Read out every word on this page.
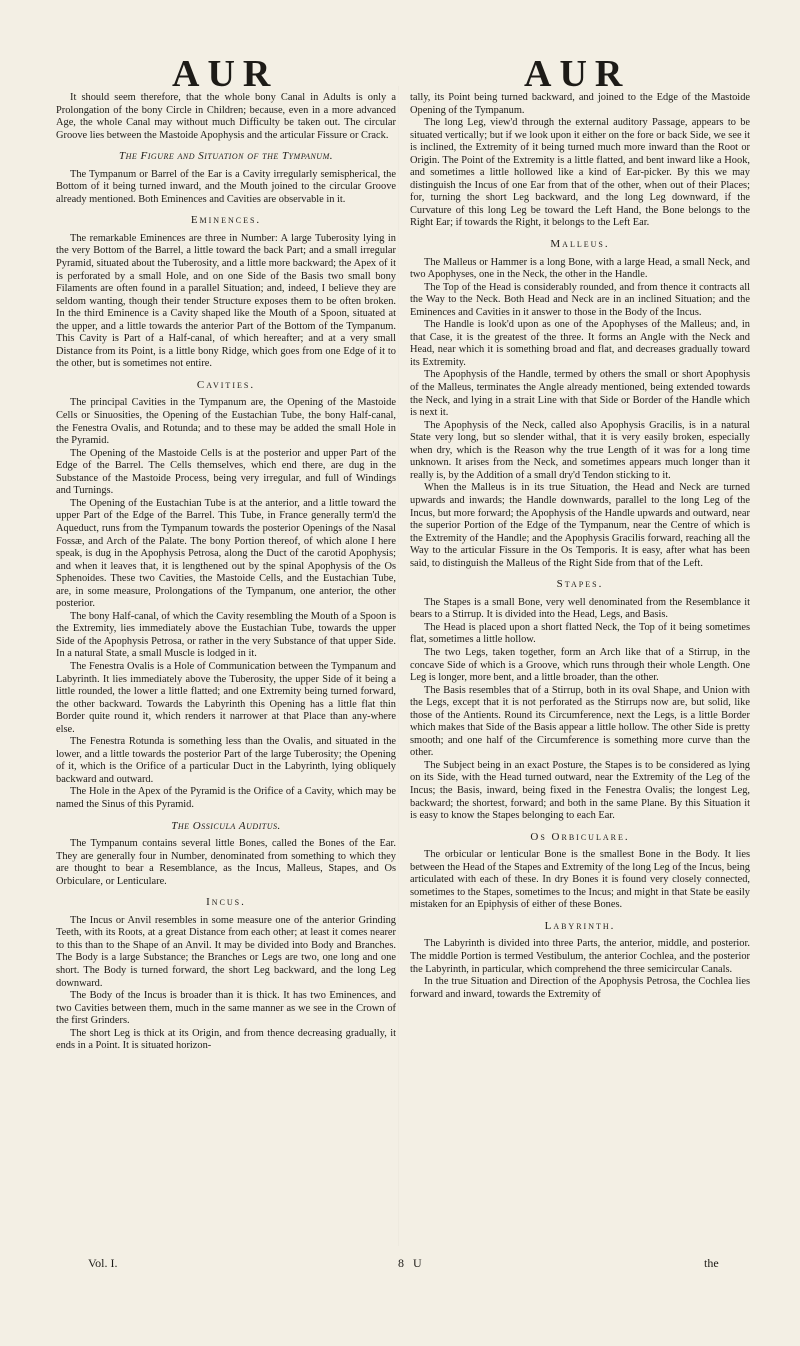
AUR	AUR

It should seem therefore, that the whole bony Canal in Adults is only a Prolongation of the bony Circle in Children; because, even in a more advanced Age, the whole Canal may without much Difficulty be taken out. The circular Groove lies between the Mastoide Apophysis and the articular Fissure or Crack.

The Figure and Situation of the Tympanum.

The Tympanum or Barrel of the Ear is a Cavity irregularly semispherical, the Bottom of it being turned inward, and the Mouth joined to the circular Groove already mentioned. Both Eminences and Cavities are observable in it.

Eminences.

The remarkable Eminences are three in Number: A large Tuberosity lying in the very Bottom of the Barrel, a little toward the back Part; and a small irregular Pyramid, situated about the Tuberosity, and a little more backward; the Apex of it is perforated by a small Hole, and on one Side of the Basis two small bony Filaments are often found in a parallel Situation; and, indeed, I believe they are seldom wanting, though their tender Structure exposes them to be often broken. In the third Eminence is a Cavity shaped like the Mouth of a Spoon, situated at the upper, and a little towards the anterior Part of the Bottom of the Tympanum. This Cavity is Part of a Half-canal, of which hereafter; and at a very small Distance from its Point, is a little bony Ridge, which goes from one Edge of it to the other, but is sometimes not entire.

Cavities.

The principal Cavities in the Tympanum are, the Opening of the Mastoide Cells or Sinuosities, the Opening of the Eustachian Tube, the bony Half-canal, the Fenestra Ovalis, and Rotunda; and to these may be added the small Hole in the Pyramid.

The Opening of the Mastoide Cells is at the posterior and upper Part of the Edge of the Barrel. The Cells themselves, which end there, are dug in the Substance of the Mastoide Process, being very irregular, and full of Windings and Turnings.

The Opening of the Eustachian Tube is at the anterior, and a little toward the upper Part of the Edge of the Barrel. This Tube, in France generally term'd the Aqueduct, runs from the Tympanum towards the posterior Openings of the Nasal Fossæ, and Arch of the Palate. The bony Portion thereof, of which alone I here speak, is dug in the Apophysis Petrosa, along the Duct of the carotid Apophysis; and when it leaves that, it is lengthened out by the spinal Apophysis of the Os Sphenoides. These two Cavities, the Mastoide Cells, and the Eustachian Tube, are, in some measure, Prolongations of the Tympanum, one anterior, the other posterior.

The bony Half-canal, of which the Cavity resembling the Mouth of a Spoon is the Extremity, lies immediately above the Eustachian Tube, towards the upper Side of the Apophysis Petrosa, or rather in the very Substance of that upper Side. In a natural State, a small Muscle is lodged in it.

The Fenestra Ovalis is a Hole of Communication between the Tympanum and Labyrinth. It lies immediately above the Tuberosity, the upper Side of it being a little rounded, the lower a little flatted; and one Extremity being turned forward, the other backward. Towards the Labyrinth this Opening has a little flat thin Border quite round it, which renders it narrower at that Place than any-where else.

The Fenestra Rotunda is something less than the Ovalis, and situated in the lower, and a little towards the posterior Part of the large Tuberosity; the Opening of it, which is the Orifice of a particular Duct in the Labyrinth, lying obliquely backward and outward.

The Hole in the Apex of the Pyramid is the Orifice of a Cavity, which may be named the Sinus of this Pyramid.

The Ossicula Auditus.

The Tympanum contains several little Bones, called the Bones of the Ear. They are generally four in Number, denominated from something to which they are thought to bear a Resemblance, as the Incus, Malleus, Stapes, and Os Orbiculare, or Lenticulare.

Incus.

The Incus or Anvil resembles in some measure one of the anterior Grinding Teeth, with its Roots, at a great Distance from each other; at least it comes nearer to this than to the Shape of an Anvil. It may be divided into Body and Branches. The Body is a large Substance; the Branches or Legs are two, one long and one short. The Body is turned forward, the short Leg backward, and the long Leg downward.

The Body of the Incus is broader than it is thick. It has two Eminences, and two Cavities between them, much in the same manner as we see in the Crown of the first Grinders.

The short Leg is thick at its Origin, and from thence decreasing gradually, it ends in a Point. It is situated horizon-

tally, its Point being turned backward, and joined to the Edge of the Mastoide Opening of the Tympanum.

The long Leg, view'd through the external auditory Passage, appears to be situated vertically; but if we look upon it either on the fore or back Side, we see it is inclined, the Extremity of it being turned much more inward than the Root or Origin. The Point of the Extremity is a little flatted, and bent inward like a Hook, and sometimes a little hollowed like a kind of Ear-picker. By this we may distinguish the Incus of one Ear from that of the other, when out of their Places; for, turning the short Leg backward, and the long Leg downward, if the Curvature of this long Leg be toward the Left Hand, the Bone belongs to the Right Ear; if towards the Right, it belongs to the Left Ear.

Malleus.

The Malleus or Hammer is a long Bone, with a large Head, a small Neck, and two Apophyses, one in the Neck, the other in the Handle.

The Top of the Head is considerably rounded, and from thence it contracts all the Way to the Neck. Both Head and Neck are in an inclined Situation; and the Eminences and Cavities in it answer to those in the Body of the Incus.

The Handle is look'd upon as one of the Apophyses of the Malleus; and, in that Case, it is the greatest of the three. It forms an Angle with the Neck and Head, near which it is something broad and flat, and decreases gradually toward its Extremity.

The Apophysis of the Handle, termed by others the small or short Apophysis of the Malleus, terminates the Angle already mentioned, being extended towards the Neck, and lying in a strait Line with that Side or Border of the Handle which is next it.

The Apophysis of the Neck, called also Apophysis Gracilis, is in a natural State very long, but so slender withal, that it is very easily broken, especially when dry, which is the Reason why the true Length of it was for a long time unknown. It arises from the Neck, and sometimes appears much longer than it really is, by the Addition of a small dry'd Tendon sticking to it.

When the Malleus is in its true Situation, the Head and Neck are turned upwards and inwards; the Handle downwards, parallel to the long Leg of the Incus, but more forward; the Apophysis of the Handle upwards and outward, near the superior Portion of the Edge of the Tympanum, near the Centre of which is the Extremity of the Handle; and the Apophysis Gracilis forward, reaching all the Way to the articular Fissure in the Os Temporis. It is easy, after what has been said, to distinguish the Malleus of the Right Side from that of the Left.

Stapes.

The Stapes is a small Bone, very well denominated from the Resemblance it bears to a Stirrup. It is divided into the Head, Legs, and Basis.

The Head is placed upon a short flatted Neck, the Top of it being sometimes flat, sometimes a little hollow.

The two Legs, taken together, form an Arch like that of a Stirrup, in the concave Side of which is a Groove, which runs through their whole Length. One Leg is longer, more bent, and a little broader, than the other.

The Basis resembles that of a Stirrup, both in its oval Shape, and Union with the Legs, except that it is not perforated as the Stirrups now are, but solid, like those of the Antients. Round its Circumference, next the Legs, is a little Border which makes that Side of the Basis appear a little hollow. The other Side is pretty smooth; and one half of the Circumference is something more curve than the other.

The Subject being in an exact Posture, the Stapes is to be considered as lying on its Side, with the Head turned outward, near the Extremity of the Leg of the Incus; the Basis, inward, being fixed in the Fenestra Ovalis; the longest Leg, backward; the shortest, forward; and both in the same Plane. By this Situation it is easy to know the Stapes belonging to each Ear.

Os Orbiculare.

The orbicular or lenticular Bone is the smallest Bone in the Body. It lies between the Head of the Stapes and Extremity of the long Leg of the Incus, being articulated with each of these. In dry Bones it is found very closely connected, sometimes to the Stapes, sometimes to the Incus; and might in that State be easily mistaken for an Epiphysis of either of these Bones.

Labyrinth.

The Labyrinth is divided into three Parts, the anterior, middle, and posterior. The middle Portion is termed Vestibulum, the anterior Cochlea, and the posterior the Labyrinth, in particular, which comprehend the three semicircular Canals.

In the true Situation and Direction of the Apophysis Petrosa, the Cochlea lies forward and inward, towards the Extremity of

Vol. I.	8 U	the
